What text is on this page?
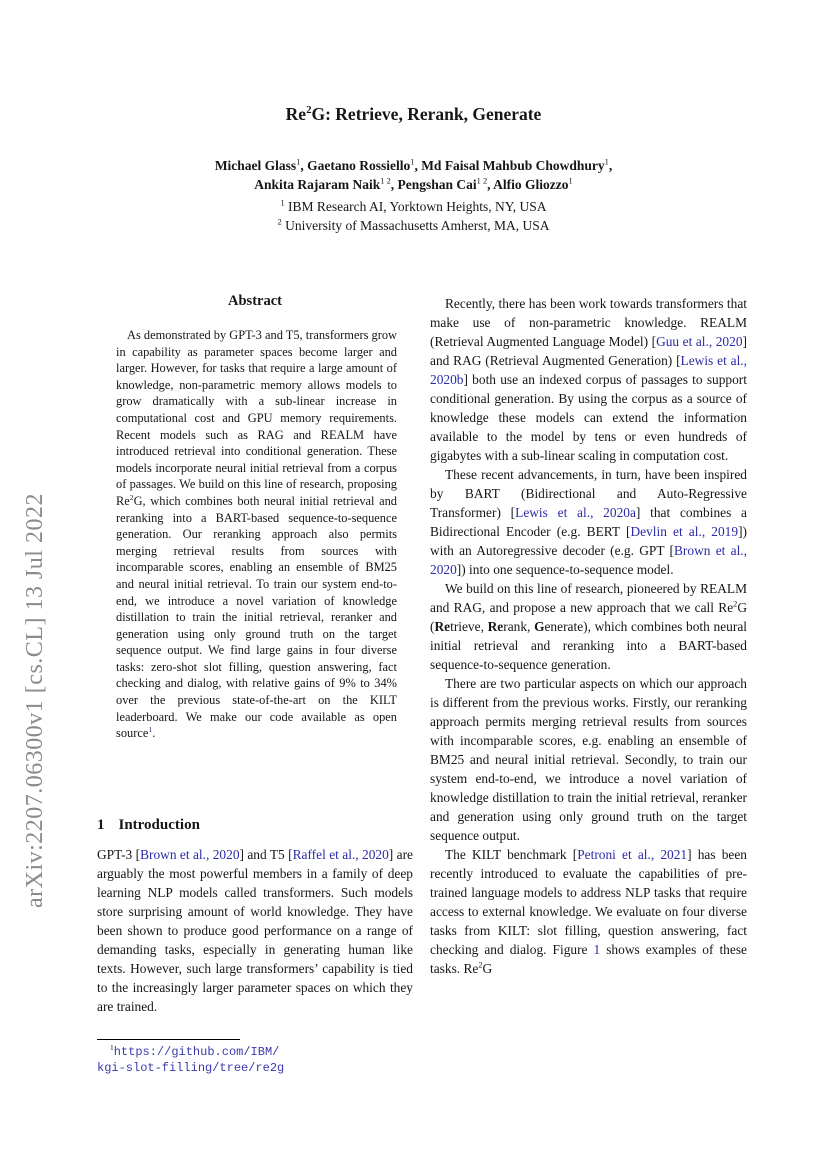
arXiv:2207.06300v1 [cs.CL] 13 Jul 2022
Re$^2$G: Retrieve, Rerank, Generate
Michael Glass$^1$, Gaetano Rossiello$^1$, Md Faisal Mahbub Chowdhury$^1$,
Ankita Rajaram Naik$^{1 2}$, Pengshan Cai$^{1 2}$, Alfio Gliozzo$^1$
$^1$ IBM Research AI, Yorktown Heights, NY, USA
$^2$ University of Massachusetts Amherst, MA, USA
Abstract
As demonstrated by GPT-3 and T5, transformers grow in capability as parameter spaces become larger and larger. However, for tasks that require a large amount of knowledge, non-parametric memory allows models to grow dramatically with a sub-linear increase in computational cost and GPU memory requirements. Recent models such as RAG and REALM have introduced retrieval into conditional generation. These models incorporate neural initial retrieval from a corpus of passages. We build on this line of research, proposing Re$^2$G, which combines both neural initial retrieval and reranking into a BART-based sequence-to-sequence generation. Our reranking approach also permits merging retrieval results from sources with incomparable scores, enabling an ensemble of BM25 and neural initial retrieval. To train our system end-to-end, we introduce a novel variation of knowledge distillation to train the initial retrieval, reranker and generation using only ground truth on the target sequence output. We find large gains in four diverse tasks: zero-shot slot filling, question answering, fact checking and dialog, with relative gains of 9% to 34% over the previous state-of-the-art on the KILT leaderboard. We make our code available as open source$^1$.
1 Introduction
GPT-3 [Brown et al., 2020] and T5 [Raffel et al., 2020] are arguably the most powerful members in a family of deep learning NLP models called transformers. Such models store surprising amount of world knowledge. They have been shown to produce good performance on a range of demanding tasks, especially in generating human like texts. However, such large transformers’ capability is tied to the increasingly larger parameter spaces on which they are trained.
$^1$https://github.com/IBM/
kgi-slot-filling/tree/re2g

Recently, there has been work towards transformers that make use of non-parametric knowledge. REALM (Retrieval Augmented Language Model) [Guu et al., 2020] and RAG (Retrieval Augmented Generation) [Lewis et al., 2020b] both use an indexed corpus of passages to support conditional generation. By using the corpus as a source of knowledge these models can extend the information available to the model by tens or even hundreds of gigabytes with a sub-linear scaling in computation cost.

These recent advancements, in turn, have been inspired by BART (Bidirectional and Auto-Regressive Transformer) [Lewis et al., 2020a] that combines a Bidirectional Encoder (e.g. BERT [Devlin et al., 2019]) with an Autoregressive decoder (e.g. GPT [Brown et al., 2020]) into one sequence-to-sequence model.

We build on this line of research, pioneered by REALM and RAG, and propose a new approach that we call Re$^2$G (Retrieve, Rerank, Generate), which combines both neural initial retrieval and reranking into a BART-based sequence-to-sequence generation.

There are two particular aspects on which our approach is different from the previous works. Firstly, our reranking approach permits merging retrieval results from sources with incomparable scores, e.g. enabling an ensemble of BM25 and neural initial retrieval. Secondly, to train our system end-to-end, we introduce a novel variation of knowledge distillation to train the initial retrieval, reranker and generation using only ground truth on the target sequence output.

The KILT benchmark [Petroni et al., 2021] has been recently introduced to evaluate the capabilities of pre-trained language models to address NLP tasks that require access to external knowledge. We evaluate on four diverse tasks from KILT: slot filling, question answering, fact checking and dialog. Figure 1 shows examples of these tasks. Re$^2$G
